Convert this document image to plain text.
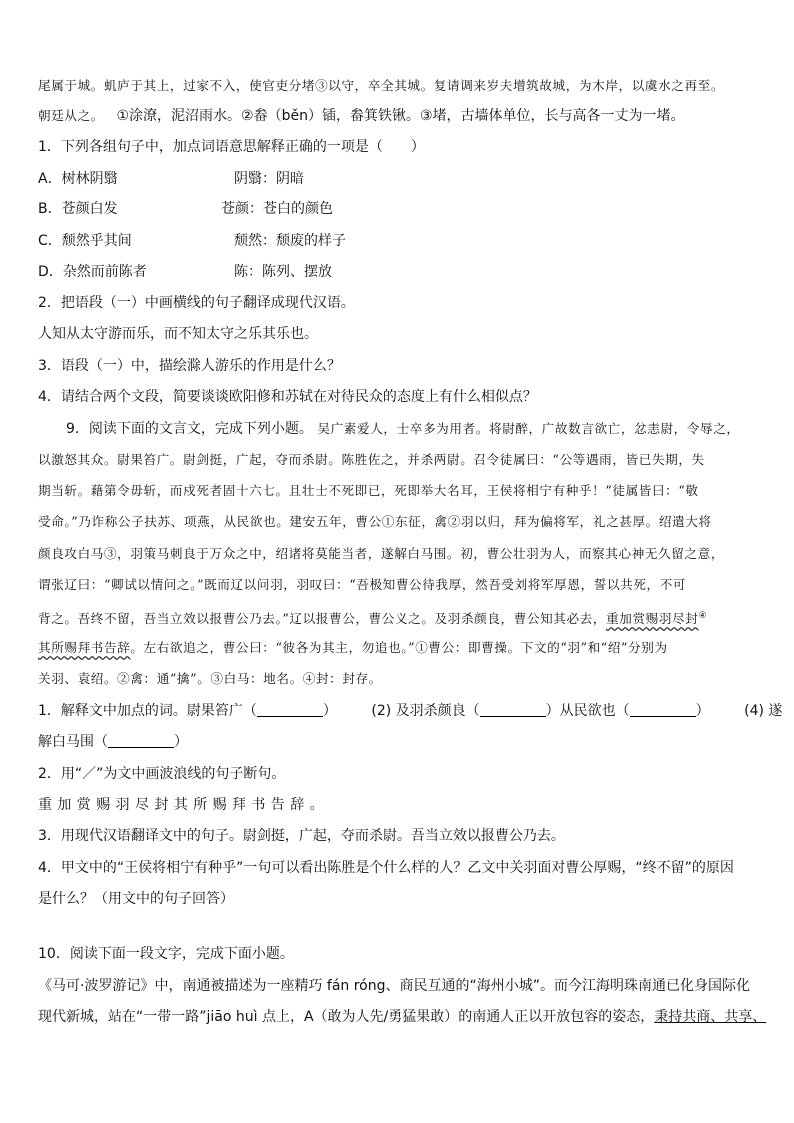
尾属于城。虮庐于其上，过家不入，使官吏分堵③以守，卒全其城。复请调来岁夫增筑故城，为木岸，以虞水之再至。
朝廷从之。 ①涂潦，泥沼雨水。②畚（běn）锸，畚箕铁锹。③堵，古墙体单位，长与高各一丈为一堵。
1．下列各组句子中，加点词语意思解释正确的一项是（　　）
A．树林阴翳	阴翳：阴暗
B．苍颜白发	苍颜：苍白的颜色
C．颓然乎其间	颓然：颓废的样子
D．杂然而前陈者	陈：陈列、摆放
2．把语段（一）中画横线的句子翻译成现代汉语。
人知从太守游而乐，而不知太守之乐其乐也。
3．语段（一）中，描绘滁人游乐的作用是什么？
4．请结合两个文段，简要谈谈欧阳修和苏轼在对待民众的态度上有什么相似点？
　　9．阅读下面的文言文，完成下列小题。 吴广素爱人，士卒多为用者。将尉醉，广故数言欲亡，忿恚尉，令辱之，
以激怒其众。尉果笞广。尉剑挺，广起，夺而杀尉。陈胜佐之，并杀两尉。召令徒属曰：“公等遇雨，皆已失期，失
期当斩。藉第令毋斩，而戍死者固十六七。且壮士不死即已，死即举大名耳，王侯将相宁有种乎！”徒属皆曰：“敬
受命。”乃诈称公子扶苏、项燕，从民欲也。建安五年，曹公①东征，禽②羽以归，拜为偏将军，礼之甚厚。绍遣大将
颜良攻白马③，羽策马刺良于万众之中，绍诸将莫能当者，遂解白马围。初，曹公壮羽为人，而察其心神无久留之意，
谓张辽曰：“卿试以情问之。”既而辽以问羽，羽叹曰：“吾极知曹公待我厚，然吾受刘将军厚恩，誓以共死，不可
背之。吾终不留，吾当立效以报曹公乃去。”辽以报曹公，曹公义之。及羽杀颜良，曹公知其必去，重加赏赐羽尽封④
其所赐拜书告辞。左右欲追之，曹公曰：“彼各为其主，勿追也。”①曹公：即曹操。下文的“羽”和“绍”分别为
关羽、袁绍。②禽：通“擒”。③白马：地名。④封：封存。
1．解释文中加点的词。尉果笞广（	） (2) 及羽杀颜良（	）从民欲也（	） (4) 遂
解白马围（	）
2．用“／”为文中画波浪线的句子断句。
重加赏赐羽尽封其所赐拜书告辞。
3．用现代汉语翻译文中的句子。尉剑挺，广起，夺而杀尉。吾当立效以报曹公乃去。
4．甲文中的“王侯将相宁有种乎”一句可以看出陈胜是个什么样的人？乙文中关羽面对曹公厚赐，“终不留”的原因
是什么？（用文中的句子回答）
10．阅读下面一段文字，完成下面小题。
《马可·波罗游记》中，南通被描述为一座精巧 fán róng、商民互通的“海州小城”。而今江海明珠南通已化身国际化
现代新城，站在“一带一路”jiāo huì 点上，A（敢为人先/勇猛果敢）的南通人正以开放包容的姿态，秉持共商、共享、
